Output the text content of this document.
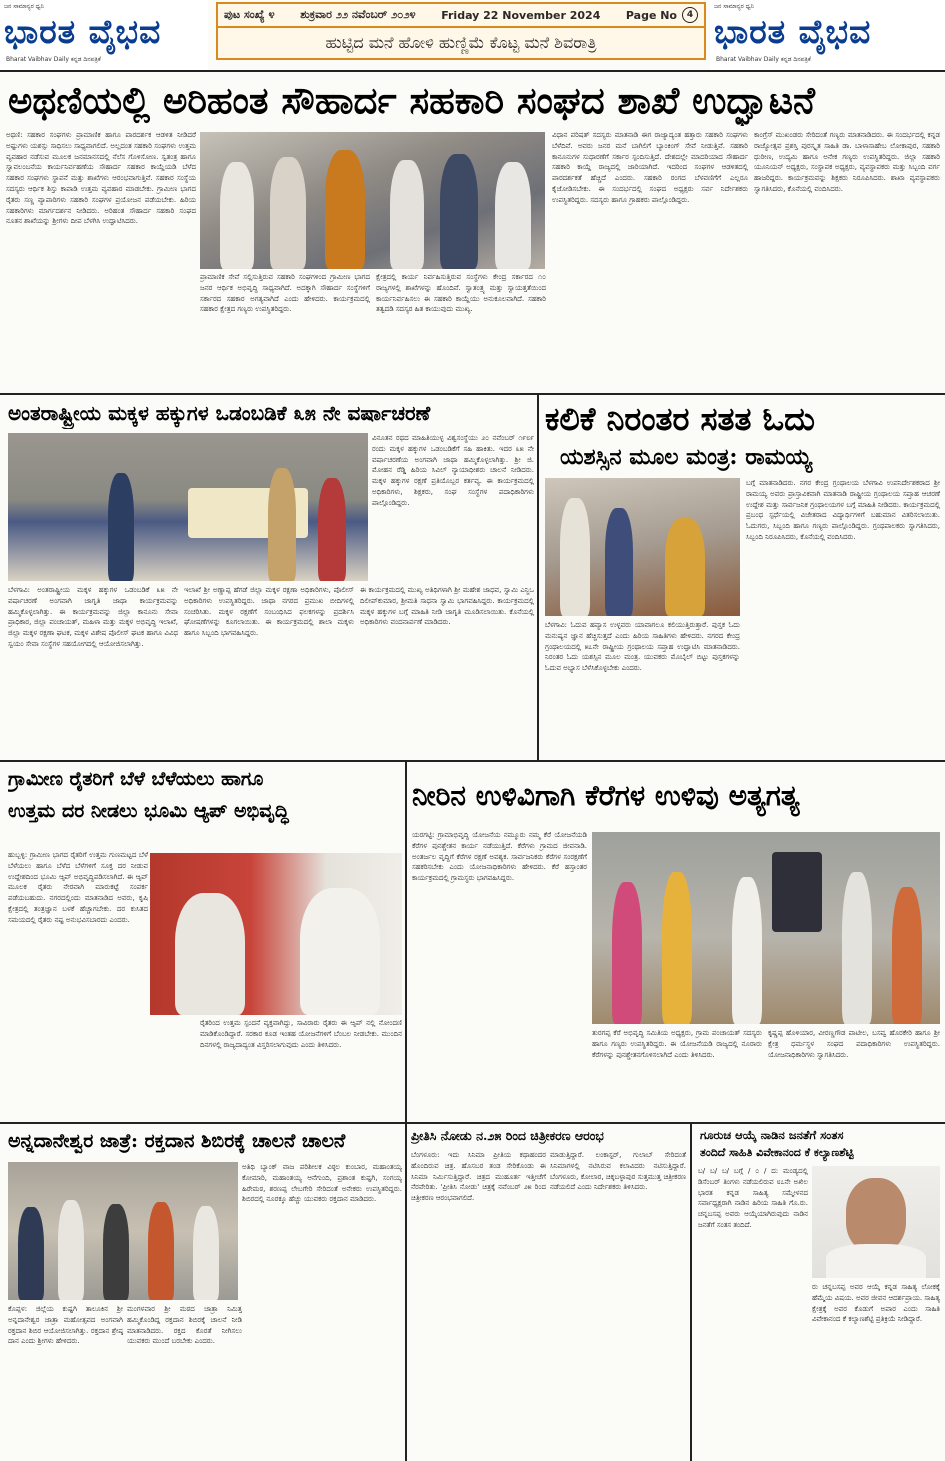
ಜನ ಸಾಮಾನ್ಯರ ಧ್ವನಿ
ಭಾರತ ವೈಭವ
Bharat Vaibhav Daily ಕನ್ನಡ ದಿನಪತ್ರಿಕೆ
ಪುಟ ಸಂಖ್ಯೆ ೪ ಶುಕ್ರವಾರ ೨೨ ನವೆಂಬರ್ ೨೦೨೪ Friday 22 November 2024 Page No	4
ಹುಟ್ಟಿದ ಮನೆ ಹೋಳಿ ಹುಣ್ಣಿಮೆ ಕೊಟ್ಟ ಮನೆ ಶಿವರಾತ್ರಿ
ಜನ ಸಾಮಾನ್ಯರ ಧ್ವನಿ
ಭಾರತ ವೈಭವ
Bharat Vaibhav Daily ಕನ್ನಡ ದಿನಪತ್ರಿಕೆ
ಅಥಣಿಯಲ್ಲಿ ಅರಿಹಂತ ಸೌಹಾರ್ದ ಸಹಕಾರಿ ಸಂಘದ ಶಾಖೆ ಉದ್ಘಾಟನೆ
ಅಥಣಿ: ಸಹಕಾರ ಸಂಘಗಳು ಪ್ರಾಮಾಣಿಕ ಹಾಗೂ ಪಾರದರ್ಶಕ ಆಡಳಿತ ನೀಡಿದರೆ ಅಷ್ಟುಗಳು ಯಶಸ್ಸು ಸಾಧಿಸಲು ಸಾಧ್ಯವಾಗಲಿದೆ. ಅಲ್ಲದಂತ ಸಹಕಾರಿ ಸಂಘಗಳು ಉತ್ತಮ ವ್ಯವಹಾರ ನಡೆಸುವ ಮೂಲಕ ಜನಮಾನಸದಲ್ಲಿ ನೆಲೆಸ ಗೊಳಿಸೋಣ. ಸ್ವತಂತ್ರ ಹಾಗೂ ಸ್ವಾವಲಂಬನೆಯ ಕಾರ್ಯನಿರ್ವಹಣೆಯ ಸೌಹಾರ್ದ ಸಹಕಾರ ಕಾಯ್ದೆಯಡಿ ಬೆಳೆದ ಸಹಕಾರ ಸಂಘಗಳು ಸ್ಥಾಪನೆ ಮತ್ತು ಶಾಖೆಗಳು ಆರಂಭವಾಗುತ್ತಿವೆ. ಸಹಕಾರ ಸಂಸ್ಥೆಯ ಸದಸ್ಯರು ಆರ್ಥಿಕ ಶಿಸ್ತು ಕಾಪಾಡಿ ಉತ್ತಮ ವ್ಯವಹಾರ ಮಾಡಬೇಕು. ಗ್ರಾಮೀಣ ಭಾಗದ ರೈತರು ಸಣ್ಣ ವ್ಯಾಪಾರಿಗಳು ಸಹಕಾರಿ ಸಂಘಗಳ ಪ್ರಯೋಜನ ಪಡೆಯಬೇಕು. ಹಿರಿಯ ಸಹಕಾರಿಗಳು ಮಾರ್ಗದರ್ಶನ ನೀಡಿದರು. ಅರಿಹಂತ ಸೌಹಾರ್ದ ಸಹಕಾರಿ ಸಂಘದ ನೂತನ ಶಾಖೆಯನ್ನು ಶ್ರೀಗಳು ದೀಪ ಬೆಳಗಿಸಿ ಉದ್ಘಾಟಿಸಿದರು.
ಪ್ರಾಮಾಣಿಕ ಸೇವೆ ಸಲ್ಲಿಸುತ್ತಿರುವ ಸಹಕಾರಿ ಸಂಘಗಳಿಂದ ಗ್ರಾಮೀಣ ಭಾಗದ ಜನರ ಆರ್ಥಿಕ ಅಭಿವೃದ್ಧಿ ಸಾಧ್ಯವಾಗಿದೆ. ಅದಕ್ಕಾಗಿ ಸೌಹಾರ್ದ ಸಂಸ್ಥೆಗಳಿಗೆ ಸರ್ಕಾರದ ಸಹಕಾರ ಅಗತ್ಯವಾಗಿದೆ ಎಂದು ಹೇಳಿದರು. ಕಾರ್ಯಕ್ರಮದಲ್ಲಿ ಸಹಕಾರ ಕ್ಷೇತ್ರದ ಗಣ್ಯರು ಉಪಸ್ಥಿತರಿದ್ದರು.
ಕ್ಷೇತ್ರದಲ್ಲಿ ಕಾರ್ಯ ನಿರ್ವಹಿಸುತ್ತಿರುವ ಸಂಸ್ಥೆಗಳು ಕೇಂದ್ರ ಸರ್ಕಾರದ ೧೦ ರಾಜ್ಯಗಳಲ್ಲಿ ಶಾಖೆಗಳನ್ನು ಹೊಂದಿವೆ. ಸ್ವಾತಂತ್ರ್ಯ ಮತ್ತು ಸ್ವಾಯತ್ತತೆಯಿಂದ ಕಾರ್ಯನಿರ್ವಹಿಸಲು ಈ ಸಹಕಾರಿ ಕಾಯ್ದೆಯು ಅನುಕೂಲವಾಗಿದೆ. ಸಹಕಾರಿ ತತ್ವದಡಿ ಸದಸ್ಯರ ಹಿತ ಕಾಯುವುದು ಮುಖ್ಯ.
ವಿಧಾನ ಪರಿಷತ್ ಸದಸ್ಯರು ಮಾತನಾಡಿ ಈಗ ರಾಜ್ಯಾದ್ಯಂತ ಹತ್ತಾರು ಸಹಕಾರಿ ಸಂಘಗಳು ಬೆಳೆದಿವೆ. ಅವರು ಜನರ ಮನೆ ಬಾಗಿಲಿಗೆ ಬ್ಯಾಂಕಿಂಗ್ ಸೇವೆ ನೀಡುತ್ತಿವೆ. ಸಹಕಾರಿ ಕಾನೂನುಗಳ ಸುಧಾರಣೆಗೆ ಸರ್ಕಾರ ಸ್ಪಂದಿಸುತ್ತಿದೆ. ದೇಶದಲ್ಲೇ ಮಾದರಿಯಾದ ಸೌಹಾರ್ದ ಸಹಕಾರಿ ಕಾಯ್ದೆ ರಾಜ್ಯದಲ್ಲಿ ಜಾರಿಯಾಗಿದೆ. ಇದರಿಂದ ಸಂಘಗಳ ಆಡಳಿತದಲ್ಲಿ ಪಾರದರ್ಶಕತೆ ಹೆಚ್ಚಿದೆ ಎಂದರು. ಸಹಕಾರಿ ರಂಗದ ಬೆಳವಣಿಗೆಗೆ ಎಲ್ಲರೂ ಕೈಜೋಡಿಸಬೇಕು. ಈ ಸಂದರ್ಭದಲ್ಲಿ ಸಂಘದ ಅಧ್ಯಕ್ಷರು ಸರ್ವ ನಿರ್ದೇಶಕರು ಉಪಸ್ಥಿತರಿದ್ದರು. ಸದಸ್ಯರು ಹಾಗೂ ಗ್ರಾಹಕರು ಪಾಲ್ಗೊಂಡಿದ್ದರು.
ಕಾಂಗ್ರೆಸ್ ಮುಖಂಡರು ಸೇರಿದಂತೆ ಗಣ್ಯರು ಮಾತನಾಡಿದರು. ಈ ಸಂದರ್ಭದಲ್ಲಿ ಕನ್ನಡ ರಾಜ್ಯೋತ್ಸವ ಪ್ರಶಸ್ತಿ ಪುರಸ್ಕೃತ ಸಾಹಿತಿ ಡಾ. ಬಾಳಾಸಾಹೇಬ ಲೋಕಾಪುರ, ಸಹಕಾರಿ ಧುರೀಣ, ಉದ್ಯಮಿ ಹಾಗೂ ಅನೇಕ ಗಣ್ಯರು ಉಪಸ್ಥಿತರಿದ್ದರು. ಜಿಲ್ಲಾ ಸಹಕಾರಿ ಯೂನಿಯನ್ ಅಧ್ಯಕ್ಷರು, ಸಂಸ್ಥಾಪಕ ಅಧ್ಯಕ್ಷರು, ವ್ಯವಸ್ಥಾಪಕರು ಮತ್ತು ಸಿಬ್ಬಂದಿ ವರ್ಗ ಹಾಜರಿದ್ದರು. ಕಾರ್ಯಕ್ರಮವನ್ನು ಶಿಕ್ಷಕರು ನಿರೂಪಿಸಿದರು. ಶಾಖಾ ವ್ಯವಸ್ಥಾಪಕರು ಸ್ವಾಗತಿಸಿದರು, ಕೊನೆಯಲ್ಲಿ ವಂದಿಸಿದರು.
ಅಂತರಾಷ್ಟ್ರೀಯ ಮಕ್ಕಳ ಹಕ್ಕುಗಳ ಒಡಂಬಡಿಕೆ ೩೫ ನೇ ವರ್ಷಾಚರಣೆ
ವಿನೂತನ ರಥದ ಮಾಹಿತಿಯುಳ್ಳ ವಿಶ್ವಸಂಸ್ಥೆಯು ೨೦ ನವೆಂಬರ್ ೧೯೮೯ ರಂದು ಮಕ್ಕಳ ಹಕ್ಕುಗಳ ಒಡಂಬಡಿಕೆಗೆ ಸಹಿ ಹಾಕಿತು. ಇದರ ೩೫ ನೇ ವರ್ಷಾಚರಣೆಯ ಅಂಗವಾಗಿ ಜಾಥಾ ಹಮ್ಮಿಕೊಳ್ಳಲಾಗಿತ್ತು. ಶ್ರೀ ಜಿ. ಮೋಹನ ರೆಡ್ಡಿ ಹಿರಿಯ ಸಿವಿಲ್ ನ್ಯಾಯಾಧೀಶರು ಚಾಲನೆ ನೀಡಿದರು. ಮಕ್ಕಳ ಹಕ್ಕುಗಳ ರಕ್ಷಣೆ ಪ್ರತಿಯೊಬ್ಬರ ಕರ್ತವ್ಯ. ಈ ಕಾರ್ಯಕ್ರಮದಲ್ಲಿ ಅಧಿಕಾರಿಗಳು, ಶಿಕ್ಷಕರು, ಸಂಘ ಸಂಸ್ಥೆಗಳ ಪದಾಧಿಕಾರಿಗಳು ಪಾಲ್ಗೊಂಡಿದ್ದರು.
ಬೆಳಗಾವಿ: ಅಂತರಾಷ್ಟ್ರೀಯ ಮಕ್ಕಳ ಹಕ್ಕುಗಳ ಒಡಂಬಡಿಕೆ ೩೫ ನೇ ವರ್ಷಾಚರಣೆ ಅಂಗವಾಗಿ ಜಾಗೃತಿ ಜಾಥಾ ಕಾರ್ಯಕ್ರಮವನ್ನು ಹಮ್ಮಿಕೊಳ್ಳಲಾಗಿತ್ತು. ಈ ಕಾರ್ಯಕ್ರಮವನ್ನು ಜಿಲ್ಲಾ ಕಾನೂನು ಸೇವಾ ಪ್ರಾಧಿಕಾರ, ಜಿಲ್ಲಾ ಪಂಚಾಯತ್, ಮಹಿಳಾ ಮತ್ತು ಮಕ್ಕಳ ಅಭಿವೃದ್ಧಿ ಇಲಾಖೆ, ಜಿಲ್ಲಾ ಮಕ್ಕಳ ರಕ್ಷಣಾ ಘಟಕ, ಮಕ್ಕಳ ವಿಶೇಷ ಪೊಲೀಸ್ ಘಟಕ ಹಾಗೂ ವಿವಿಧ ಸ್ವಯಂ ಸೇವಾ ಸಂಸ್ಥೆಗಳ ಸಹಯೋಗದಲ್ಲಿ ಆಯೋಜಿಸಲಾಗಿತ್ತು.
ಇಲಾಖೆ ಶ್ರೀ ಅಣ್ಣಾಪ್ಪ ಹೆಗಡೆ ಜಿಲ್ಲಾ ಮಕ್ಕಳ ರಕ್ಷಣಾ ಅಧಿಕಾರಿಗಳು, ಪೊಲೀಸ್ ಅಧಿಕಾರಿಗಳು ಉಪಸ್ಥಿತರಿದ್ದರು. ಜಾಥಾ ನಗರದ ಪ್ರಮುಖ ಬೀದಿಗಳಲ್ಲಿ ಸಂಚರಿಸಿತು. ಮಕ್ಕಳ ರಕ್ಷಣೆಗೆ ಸಂಬಂಧಿಸಿದ ಫಲಕಗಳನ್ನು ಪ್ರದರ್ಶಿಸಿ ಘೋಷಣೆಗಳನ್ನು ಕೂಗಲಾಯಿತು. ಈ ಕಾರ್ಯಕ್ರಮದಲ್ಲಿ ಶಾಲಾ ಮಕ್ಕಳು ಹಾಗೂ ಸಿಬ್ಬಂದಿ ಭಾಗವಹಿಸಿದ್ದರು.
ಈ ಕಾರ್ಯಕ್ರಮದಲ್ಲಿ ಮುಖ್ಯ ಅತಿಥಿಗಳಾಗಿ ಶ್ರೀ ಮಹೇಶ ಜಾಧವ, ಸ್ವಾಮಿ ಎನ್ಜಿಒ ದಿಲೀಪ್‌ಕುಮಾರ, ಶ್ರೀಮತಿ ಸಾಧನಾ ಸ್ವಾಮಿ ಭಾಗವಹಿಸಿದ್ದರು. ಕಾರ್ಯಕ್ರಮದಲ್ಲಿ ಮಕ್ಕಳ ಹಕ್ಕುಗಳ ಬಗ್ಗೆ ಮಾಹಿತಿ ನೀಡಿ ಜಾಗೃತಿ ಮೂಡಿಸಲಾಯಿತು. ಕೊನೆಯಲ್ಲಿ ಅಧಿಕಾರಿಗಳು ವಂದನಾರ್ಪಣೆ ಮಾಡಿದರು.
ಕಲಿಕೆ ನಿರಂತರ ಸತತ ಓದು
ಯಶಸ್ಸಿನ ಮೂಲ ಮಂತ್ರ: ರಾಮಯ್ಯ
ಬೆಳಗಾವಿ: ಓದುವ ಹವ್ಯಾಸ ಉಳ್ಳವರು ಯಾವಾಗಲೂ ಕಲಿಯುತ್ತಿರುತ್ತಾರೆ. ಪುಸ್ತಕ ಓದು ಮನುಷ್ಯನ ಜ್ಞಾನ ಹೆಚ್ಚಿಸುತ್ತದೆ ಎಂದು ಹಿರಿಯ ಸಾಹಿತಿಗಳು ಹೇಳಿದರು. ನಗರದ ಕೇಂದ್ರ ಗ್ರಂಥಾಲಯದಲ್ಲಿ ೫೭ನೇ ರಾಷ್ಟ್ರೀಯ ಗ್ರಂಥಾಲಯ ಸಪ್ತಾಹ ಉದ್ಘಾಟಿಸಿ ಮಾತನಾಡಿದರು. ನಿರಂತರ ಓದು ಯಶಸ್ಸಿನ ಮೂಲ ಮಂತ್ರ. ಯುವಕರು ಮೊಬೈಲ್ ಬಿಟ್ಟು ಪುಸ್ತಕಗಳನ್ನು ಓದುವ ಅಭ್ಯಾಸ ಬೆಳೆಸಿಕೊಳ್ಳಬೇಕು ಎಂದರು.
ಬಗ್ಗೆ ಮಾತನಾಡಿದರು. ನಗರ ಕೇಂದ್ರ ಗ್ರಂಥಾಲಯ ಬೆಳಗಾವಿ ಉಪನಿರ್ದೇಶಕರಾದ ಶ್ರೀ ರಾಮಯ್ಯ ಅವರು ಪ್ರಾಸ್ತಾವಿಕವಾಗಿ ಮಾತನಾಡಿ ರಾಷ್ಟ್ರೀಯ ಗ್ರಂಥಾಲಯ ಸಪ್ತಾಹ ಆಚರಣೆ ಉದ್ದೇಶ ಮತ್ತು ಸಾರ್ವಜನಿಕ ಗ್ರಂಥಾಲಯಗಳ ಬಗ್ಗೆ ಮಾಹಿತಿ ನೀಡಿದರು. ಕಾರ್ಯಕ್ರಮದಲ್ಲಿ ಪ್ರಬಂಧ ಸ್ಪರ್ಧೆಯಲ್ಲಿ ವಿಜೇತರಾದ ವಿದ್ಯಾರ್ಥಿಗಳಿಗೆ ಬಹುಮಾನ ವಿತರಿಸಲಾಯಿತು. ಓದುಗರು, ಸಿಬ್ಬಂದಿ ಹಾಗೂ ಗಣ್ಯರು ಪಾಲ್ಗೊಂಡಿದ್ದರು. ಗ್ರಂಥಪಾಲಕರು ಸ್ವಾಗತಿಸಿದರು, ಸಿಬ್ಬಂದಿ ನಿರೂಪಿಸಿದರು, ಕೊನೆಯಲ್ಲಿ ವಂದಿಸಿದರು.
ಗ್ರಾಮೀಣ ರೈತರಿಗೆ ಬೆಳೆ ಬೆಳೆಯಲು ಹಾಗೂ
ಉತ್ತಮ ದರ ನೀಡಲು ಭೂಮಿ ಆ್ಯಪ್ ಅಭಿವೃದ್ಧಿ
ಹುಬ್ಬಳ್ಳಿ: ಗ್ರಾಮೀಣ ಭಾಗದ ರೈತರಿಗೆ ಉತ್ತಮ ಗುಣಮಟ್ಟದ ಬೆಳೆ ಬೆಳೆಯಲು ಹಾಗೂ ಬೆಳೆದ ಬೆಳೆಗಳಿಗೆ ಸೂಕ್ತ ದರ ನೀಡುವ ಉದ್ದೇಶದಿಂದ ಭೂಮಿ ಆ್ಯಪ್ ಅಭಿವೃದ್ಧಿಪಡಿಸಲಾಗಿದೆ. ಈ ಆ್ಯಪ್ ಮೂಲಕ ರೈತರು ನೇರವಾಗಿ ಮಾರುಕಟ್ಟೆ ಸಂಪರ್ಕ ಪಡೆಯಬಹುದು. ನಗರದಲ್ಲಿಂದು ಮಾತನಾಡಿದ ಅವರು, ಕೃಷಿ ಕ್ಷೇತ್ರದಲ್ಲಿ ತಂತ್ರಜ್ಞಾನ ಬಳಕೆ ಹೆಚ್ಚಾಗಬೇಕು. ದರ ಕುಸಿತದ ಸಮಯದಲ್ಲಿ ರೈತರು ನಷ್ಟ ಅನುಭವಿಸಬಾರದು ಎಂದರು.
ರೈತರಿಂದ ಉತ್ತಮ ಸ್ಪಂದನೆ ವ್ಯಕ್ತವಾಗಿದ್ದು, ಸಾವಿರಾರು ರೈತರು ಈ ಆ್ಯಪ್ ನಲ್ಲಿ ನೋಂದಣಿ ಮಾಡಿಕೊಂಡಿದ್ದಾರೆ. ಸರಕಾರ ಕೂಡ ಇಂತಹ ಯೋಜನೆಗಳಿಗೆ ಬೆಂಬಲ ನೀಡಬೇಕು. ಮುಂದಿನ ದಿನಗಳಲ್ಲಿ ರಾಜ್ಯದಾದ್ಯಂತ ವಿಸ್ತರಿಸಲಾಗುವುದು ಎಂದು ತಿಳಿಸಿದರು.
ನೀರಿನ ಉಳಿವಿಗಾಗಿ ಕೆರೆಗಳ ಉಳಿವು ಅತ್ಯಗತ್ಯ
ಯರಗಟ್ಟಿ: ಗ್ರಾಮಾಭಿವೃದ್ಧಿ ಯೋಜನೆಯ ನಮ್ಮೂರು ನಮ್ಮ ಕೆರೆ ಯೋಜನೆಯಡಿ ಕೆರೆಗಳ ಪುನಶ್ಚೇತನ ಕಾರ್ಯ ನಡೆಯುತ್ತಿದೆ. ಕೆರೆಗಳು ಗ್ರಾಮದ ಜೀವನಾಡಿ. ಅಂತರ್ಜಲ ವೃದ್ಧಿಗೆ ಕೆರೆಗಳ ರಕ್ಷಣೆ ಅವಶ್ಯಕ. ಸಾರ್ವಜನಿಕರು ಕೆರೆಗಳ ಸಂರಕ್ಷಣೆಗೆ ಸಹಕರಿಸಬೇಕು ಎಂದು ಯೋಜನಾಧಿಕಾರಿಗಳು ಹೇಳಿದರು. ಕೆರೆ ಹಸ್ತಾಂತರ ಕಾರ್ಯಕ್ರಮದಲ್ಲಿ ಗ್ರಾಮಸ್ಥರು ಭಾಗವಹಿಸಿದ್ದರು.
ತುರಗಪ್ಪ ಕೆರೆ ಅಭಿವೃದ್ಧಿ ಸಮಿತಿಯ ಅಧ್ಯಕ್ಷರು, ಗ್ರಾಮ ಪಂಚಾಯತ್ ಸದಸ್ಯರು ಹಾಗೂ ಗಣ್ಯರು ಉಪಸ್ಥಿತರಿದ್ದರು. ಈ ಯೋಜನೆಯಡಿ ರಾಜ್ಯದಲ್ಲಿ ನೂರಾರು ಕೆರೆಗಳನ್ನು ಪುನಶ್ಚೇತನಗೊಳಿಸಲಾಗಿದೆ ಎಂದು ತಿಳಿಸಿದರು.
ಕೃಷ್ಣಪ್ಪ ಹೊಳಿಯಾರ, ವೀರಣ್ಣಗೌಡ ಪಾಟೀಲ, ಬಸವ್ವ ಹೊರಕೇರಿ ಹಾಗೂ ಶ್ರೀ ಕ್ಷೇತ್ರ ಧರ್ಮಸ್ಥಳ ಸಂಘದ ಪದಾಧಿಕಾರಿಗಳು ಉಪಸ್ಥಿತರಿದ್ದರು. ಯೋಜನಾಧಿಕಾರಿಗಳು ಸ್ವಾಗತಿಸಿದರು.
ಅನ್ನದಾನೇಶ್ವರ ಜಾತ್ರೆ: ರಕ್ತದಾನ ಶಿಬಿರಕ್ಕೆ ಚಾಲನೆ ಚಾಲನೆ
ಅತಿಥಿ ಬ್ಯಾಂಕ್ ವಾಜ ಪರಿಶೀಲಕ ವಿಠ್ಠಲ ಕುಂಬಾರ, ಮಹಾಂತಯ್ಯ ಕೋಮಾರಿ, ಮಹಾಂತಯ್ಯ ಆನೆಗುಂದಿ, ಪ್ರಶಾಂತ ಕುಷ್ಟಗಿ, ಸಂಗಯ್ಯ ಹಿರೇಮಠ, ಶರಣಪ್ಪ ಲೇಬಗೇರಿ ಸೇರಿದಂತೆ ಅನೇಕರು ಉಪಸ್ಥಿತರಿದ್ದರು. ಶಿಬಿರದಲ್ಲಿ ನೂರಕ್ಕೂ ಹೆಚ್ಚು ಯುವಕರು ರಕ್ತದಾನ ಮಾಡಿದರು.
ಕೊಪ್ಪಳ: ಜಿಲ್ಲೆಯ ಕುಷ್ಟಗಿ ತಾಲೂಕಿನ ಶ್ರೀ ಅನ್ನದಾನೇಶ್ವರ ಜಾತ್ರಾ ಮಹೋತ್ಸವದ ಅಂಗವಾಗಿ ರಕ್ತದಾನ ಶಿಬಿರ ಆಯೋಜಿಸಲಾಗಿತ್ತು. ರಕ್ತದಾನ ಶ್ರೇಷ್ಠ ದಾನ ಎಂದು ಶ್ರೀಗಳು ಹೇಳಿದರು.
ಮಂಗಳವಾರ ಶ್ರೀ ಮಠದ ಜಾತ್ರಾ ನಿಮಿತ್ತ ಹಮ್ಮಿಕೊಂಡಿದ್ದ ರಕ್ತದಾನ ಶಿಬಿರಕ್ಕೆ ಚಾಲನೆ ನೀಡಿ ಮಾತನಾಡಿದರು. ರಕ್ತದ ಕೊರತೆ ನೀಗಿಸಲು ಯುವಕರು ಮುಂದೆ ಬರಬೇಕು ಎಂದರು.
ಪ್ರೀತಿಸಿ ನೋಡು ನ.೨೫ ರಿಂದ ಚಿತ್ರೀಕರಣ ಆರಂಭ
ಬೆಂಗಳೂರು: ಇದು ಸಿನಿಮಾ ಪ್ರೀತಿಯ ಕಥಾಹಂದರ ಹೊಂದಿರುವ ಚಿತ್ರ. ಹೊಸಬರ ತಂಡ ಸೇರಿಕೊಂಡು ಈ ಸಿನಿಮಾ ನಿರ್ಮಿಸುತ್ತಿದ್ದಾರೆ. ಚಿತ್ರದ ಮುಹೂರ್ತ ಇತ್ತೀಚೆಗೆ ನೆರವೇರಿತು. 'ಪ್ರೀತಿಸಿ ನೋಡು' ಚಿತ್ರಕ್ಕೆ ನವೆಂಬರ್ ೨೫ ರಿಂದ ಚಿತ್ರೀಕರಣ ಆರಂಭವಾಗಲಿದೆ.
ಮಾಡುತ್ತಿದ್ದಾರೆ. ಲಂಕಾಸ್ಟರ್, ಗುಲಾಬ್ ಸೇರಿದಂತೆ ಸಿನಿಮಾಗಳಲ್ಲಿ ನಟಿಸಿರುವ ಕಲಾವಿದರು ನಟಿಸುತ್ತಿದ್ದಾರೆ. ಬೆಂಗಳೂರು, ಕೋಲಾರ, ಚಿಕ್ಕಬಳ್ಳಾಪುರ ಸುತ್ತಮುತ್ತ ಚಿತ್ರೀಕರಣ ನಡೆಯಲಿದೆ ಎಂದು ನಿರ್ದೇಶಕರು ತಿಳಿಸಿದರು.
ಗೂರುಚ ಆಯ್ಕೆ ನಾಡಿನ ಜನತೆಗೆ ಸಂತಸ
ತಂದಿದೆ ಸಾಹಿತಿ ವಿವೇಕಾನಂದ ಕೆ ಕಲ್ಯಾಣಶೆಟ್ಟಿ
ಬ/ ಬ/ ಬ/ ಬಗ್ಗೆ / ೦ / ದ: ಮಂಡ್ಯದಲ್ಲಿ ಡಿಸೆಂಬರ್ ತಿಂಗಳು ನಡೆಯಲಿರುವ ೮೭ನೇ ಅಖಿಲ ಭಾರತ ಕನ್ನಡ ಸಾಹಿತ್ಯ ಸಮ್ಮೇಳನದ ಸರ್ವಾಧ್ಯಕ್ಷರಾಗಿ ನಾಡಿನ ಹಿರಿಯ ಸಾಹಿತಿ ಗೊ.ರು. ಚನ್ನಬಸಪ್ಪ ಅವರು ಆಯ್ಕೆಯಾಗಿರುವುದು ನಾಡಿನ ಜನತೆಗೆ ಸಂತಸ ತಂದಿದೆ.
ರು ಚನ್ನಬಸಪ್ಪ ಅವರ ಆಯ್ಕೆ ಕನ್ನಡ ಸಾಹಿತ್ಯ ಲೋಕಕ್ಕೆ ಹೆಮ್ಮೆಯ ವಿಷಯ. ಅವರ ಜೀವನ ಆದರ್ಶಪ್ರಾಯ. ಸಾಹಿತ್ಯ ಕ್ಷೇತ್ರಕ್ಕೆ ಅವರ ಕೊಡುಗೆ ಅಪಾರ ಎಂದು ಸಾಹಿತಿ ವಿವೇಕಾನಂದ ಕೆ ಕಲ್ಯಾಣಶೆಟ್ಟಿ ಪ್ರತಿಕ್ರಿಯೆ ನೀಡಿದ್ದಾರೆ.
